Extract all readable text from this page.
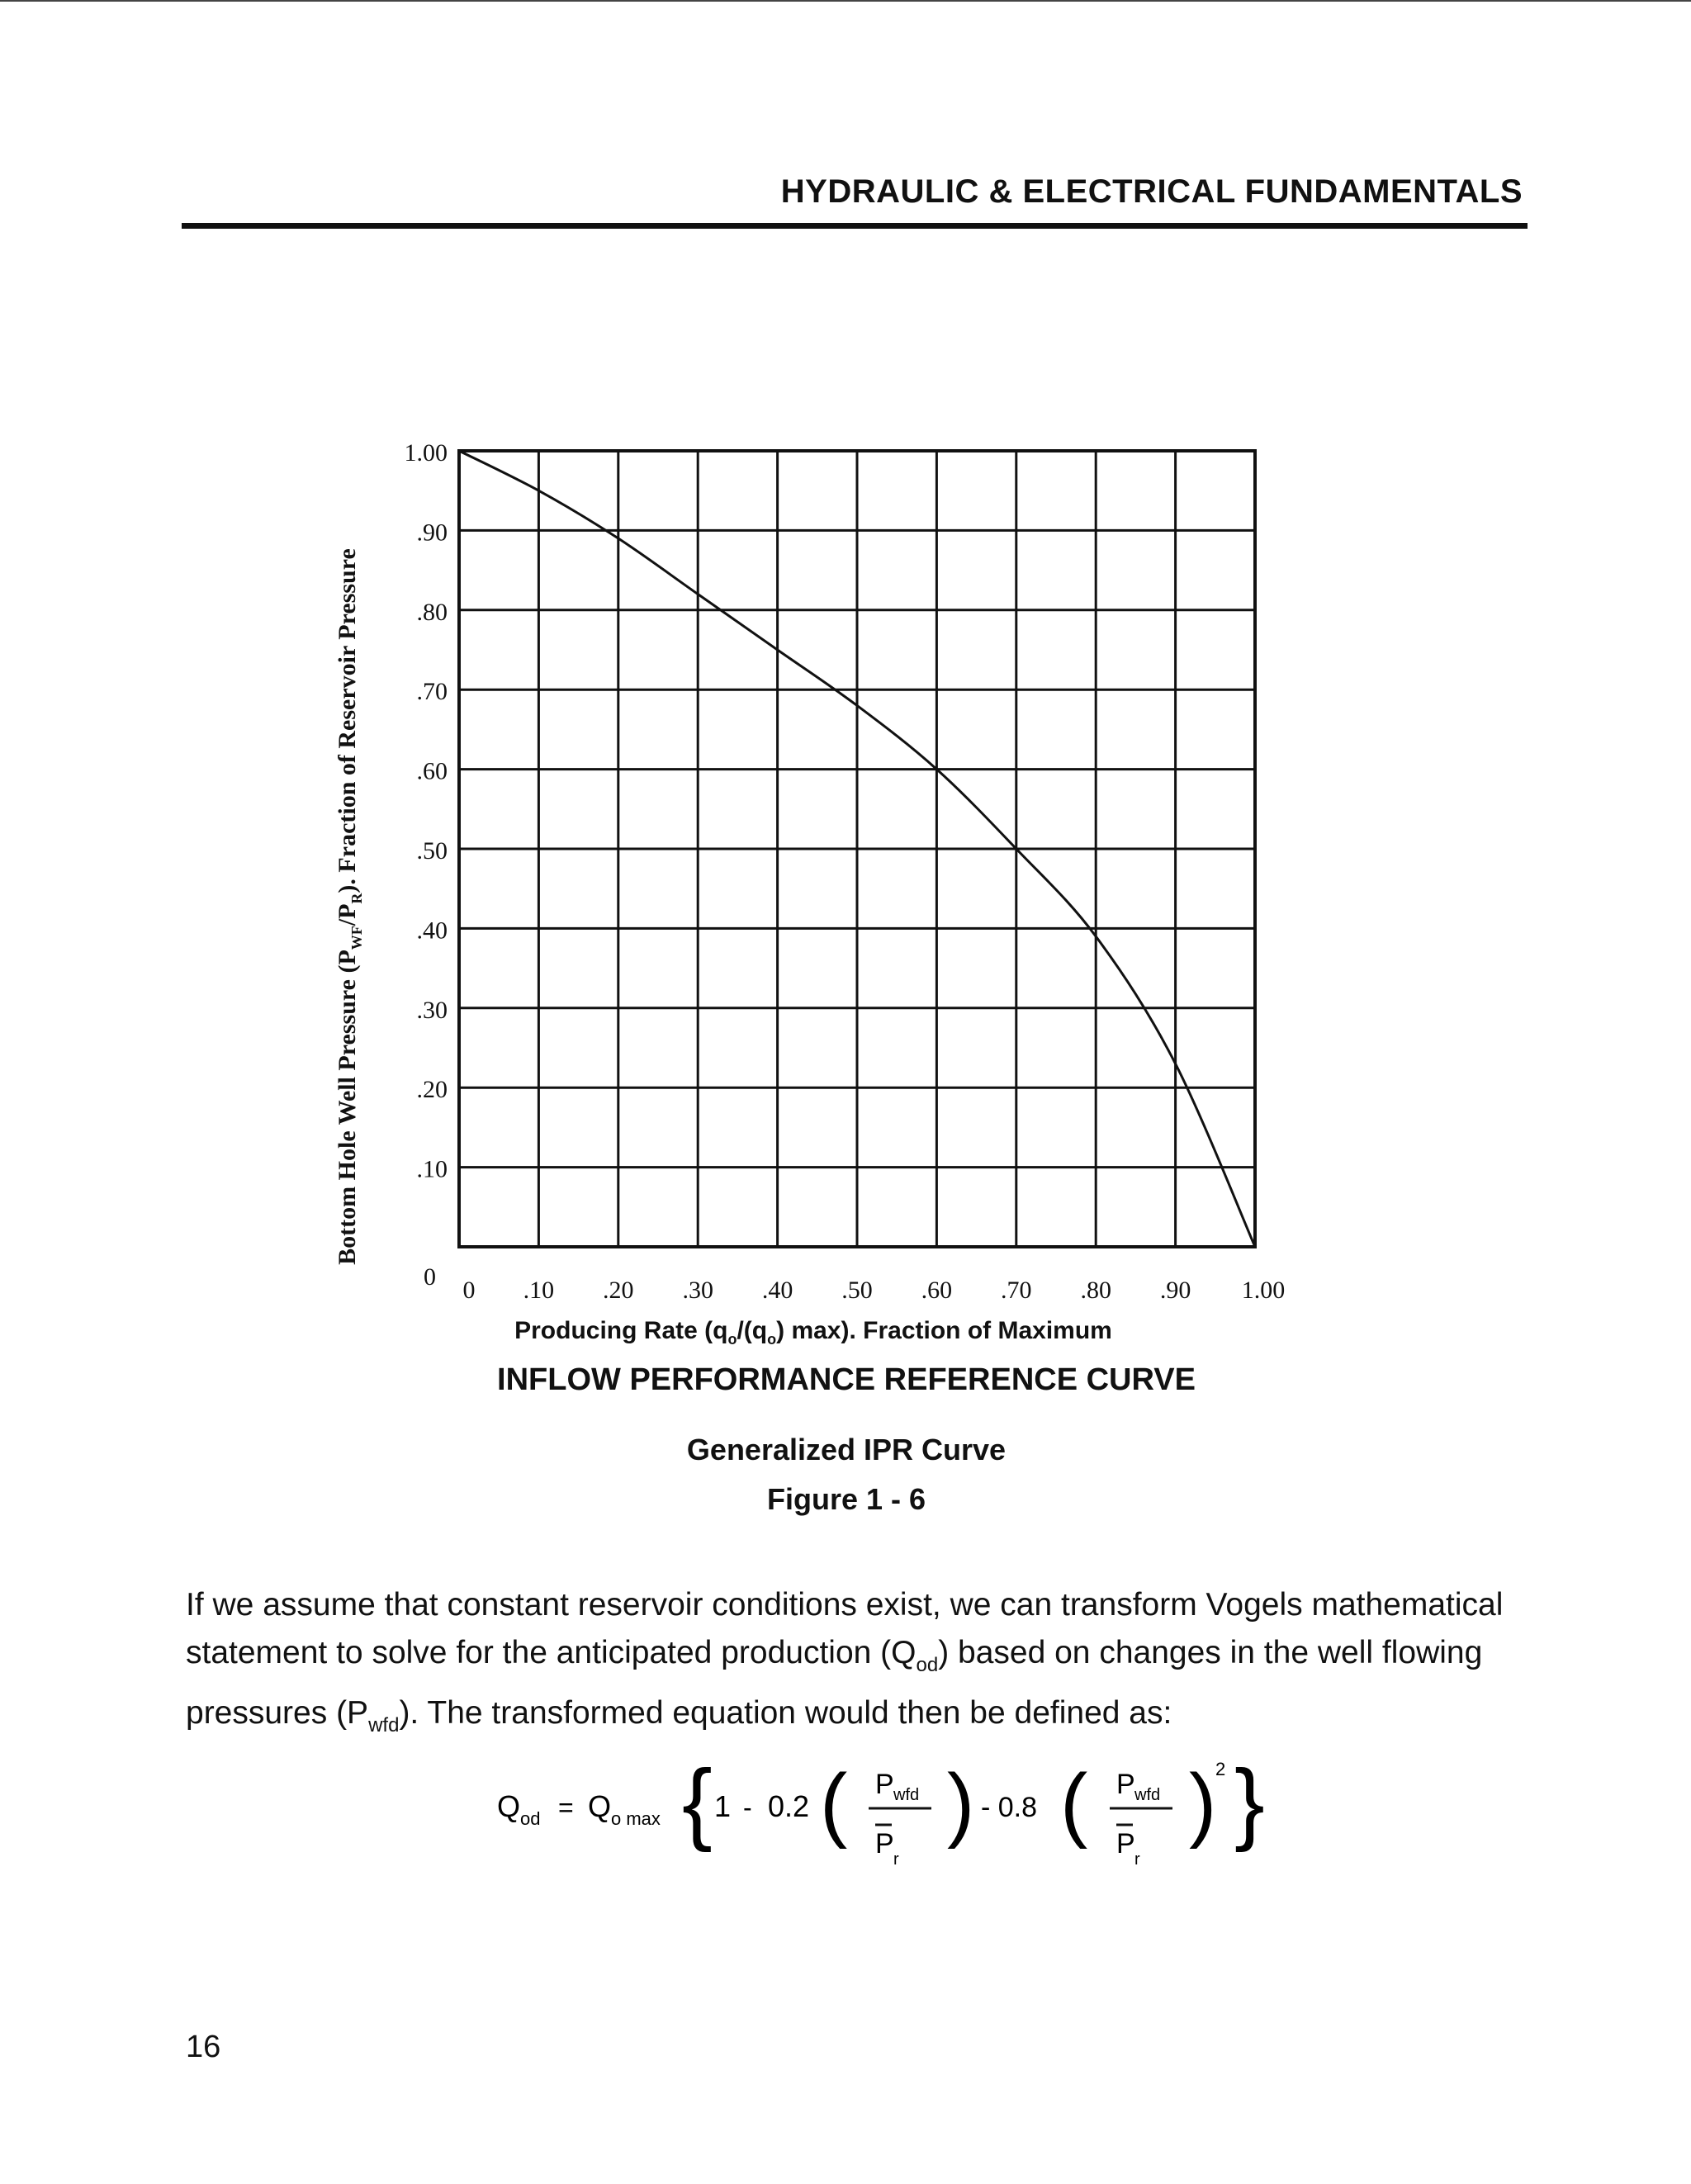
HYDRAULIC & ELECTRICAL FUNDAMENTALS
0
.10
.20
.30
.40
.50
.60
.70
.80
.90
1.00
0 .10 .20 .30 .40 .50 .60 .70 .80 .90 1.00
Bottom Hole Well Pressure $(P_{WF}/P_R)$. Fraction of Reservoir Pressure
Producing Rate ($q_o/(q_o)$ max). Fraction of Maximum
INFLOW PERFORMANCE REFERENCE CURVE
Generalized IPR Curve
Figure 1 - 6
If we assume that constant reservoir conditions exist, we can transform Vogels mathematical statement to solve for the anticipated production $(Q_{od})$ based on changes in the well flowing pressures $(P_{wfd})$. The transformed equation would then be defined as:
Q od = Q o max { 1 - 0.2 ( P wfd
P r
) - 0.8 ( P wfd
P r
)
2 }
16
